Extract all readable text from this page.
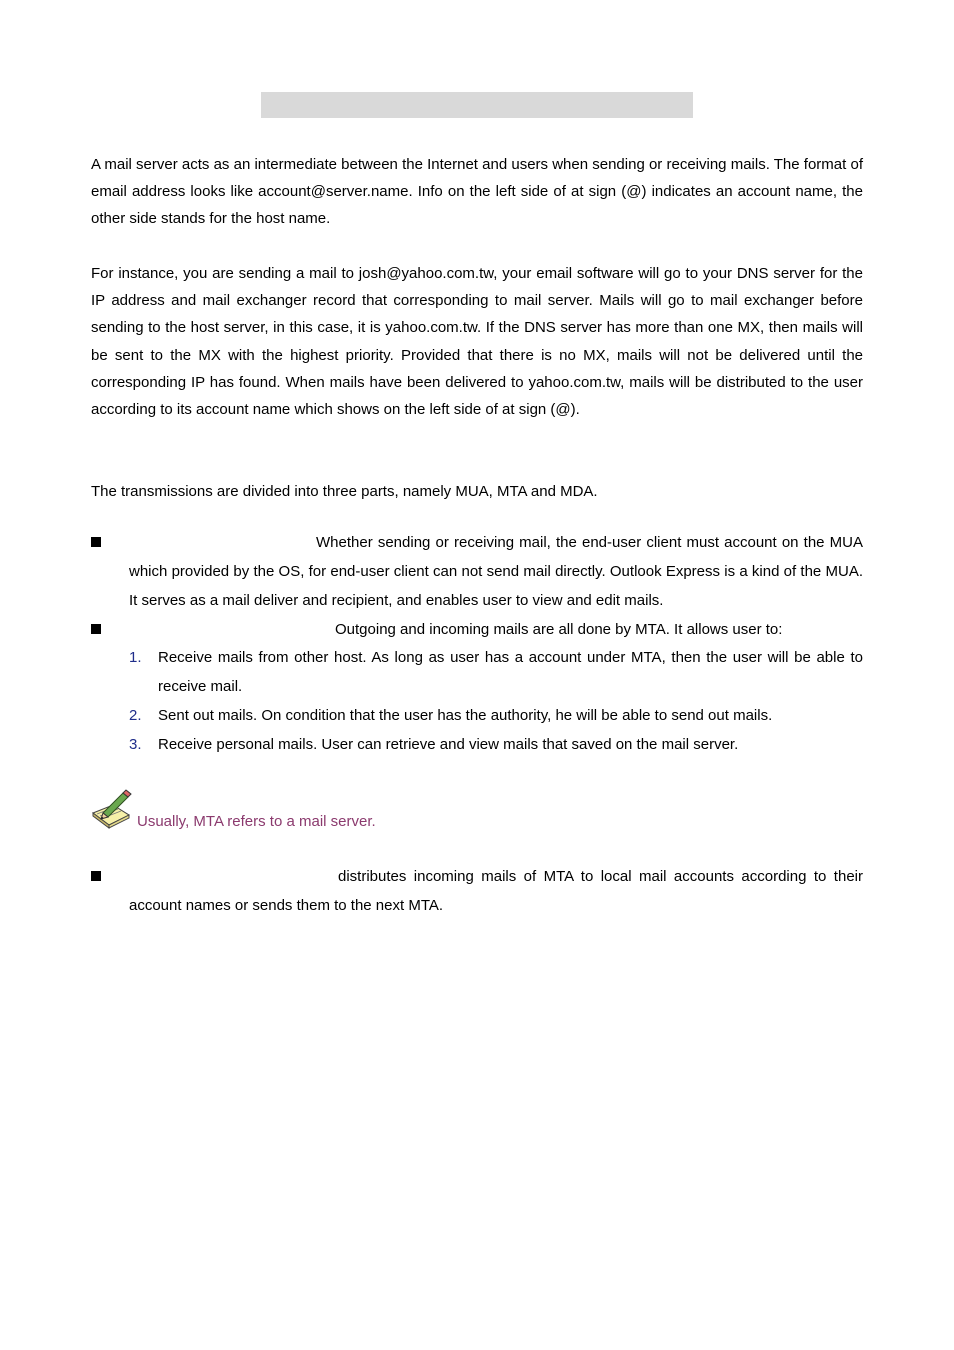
A mail server acts as an intermediate between the Internet and users when sending or receiving mails. The format of email address looks like account@server.name. Info on the left side of at sign (@) indicates an account name, the other side stands for the host name.

For instance, you are sending a mail to josh@yahoo.com.tw, your email software will go to your DNS server for the IP address and mail exchanger record that corresponding to mail server. Mails will go to mail exchanger before sending to the host server, in this case, it is yahoo.com.tw. If the DNS server has more than one MX, then mails will be sent to the MX with the highest priority. Provided that there is no MX, mails will not be delivered until the corresponding IP has found. When mails have been delivered to yahoo.com.tw, mails will be distributed to the user according to its account name which shows on the left side of at sign (@).

The transmissions are divided into three parts, namely MUA, MTA and MDA.

Whether sending or receiving mail, the end-user client must account on the MUA which provided by the OS, for end-user client can not send mail directly. Outlook Express is a kind of the MUA. It serves as a mail deliver and recipient, and enables user to view and edit mails.

Outgoing and incoming mails are all done by MTA. It allows user to:

1. Receive mails from other host. As long as user has a account under MTA, then the user will be able to receive mail.

2. Sent out mails. On condition that the user has the authority, he will be able to send out mails.

3. Receive personal mails. User can retrieve and view mails that saved on the mail server.

Usually, MTA refers to a mail server.

distributes incoming mails of MTA to local mail accounts according to their account names or sends them to the next MTA.
